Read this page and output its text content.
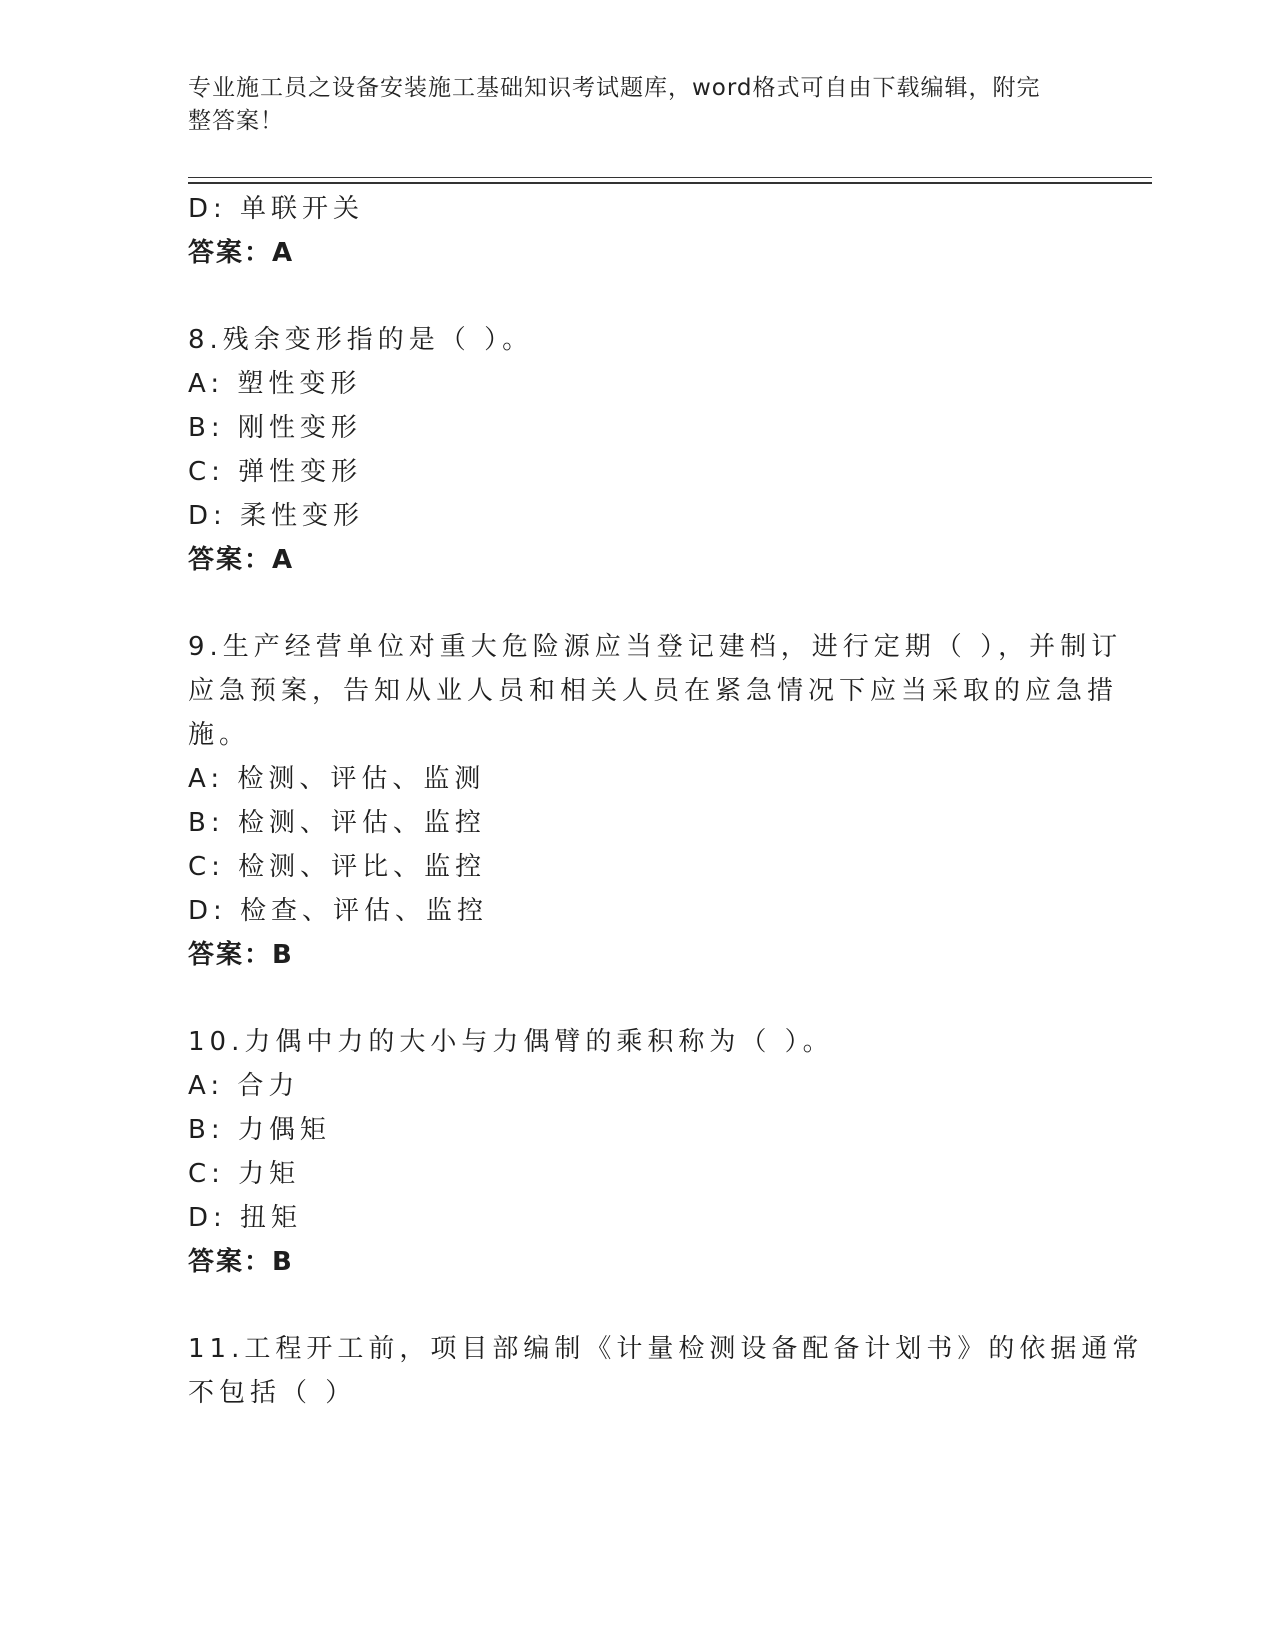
专业施工员之设备安装施工基础知识考试题库，word格式可自由下载编辑，附完
整答案！
D: 单联开关
答案：A
8.残余变形指的是（ ）。
A: 塑性变形
B: 刚性变形
C: 弹性变形
D: 柔性变形
答案：A
9.生产经营单位对重大危险源应当登记建档，进行定期（ ），并制订
应急预案，告知从业人员和相关人员在紧急情况下应当采取的应急措
施。
A: 检测、评估、监测
B: 检测、评估、监控
C: 检测、评比、监控
D: 检查、评估、监控
答案：B
10.力偶中力的大小与力偶臂的乘积称为（ ）。
A: 合力
B: 力偶矩
C: 力矩
D: 扭矩
答案：B
11.工程开工前，项目部编制《计量检测设备配备计划书》的依据通常
不包括（ ）
